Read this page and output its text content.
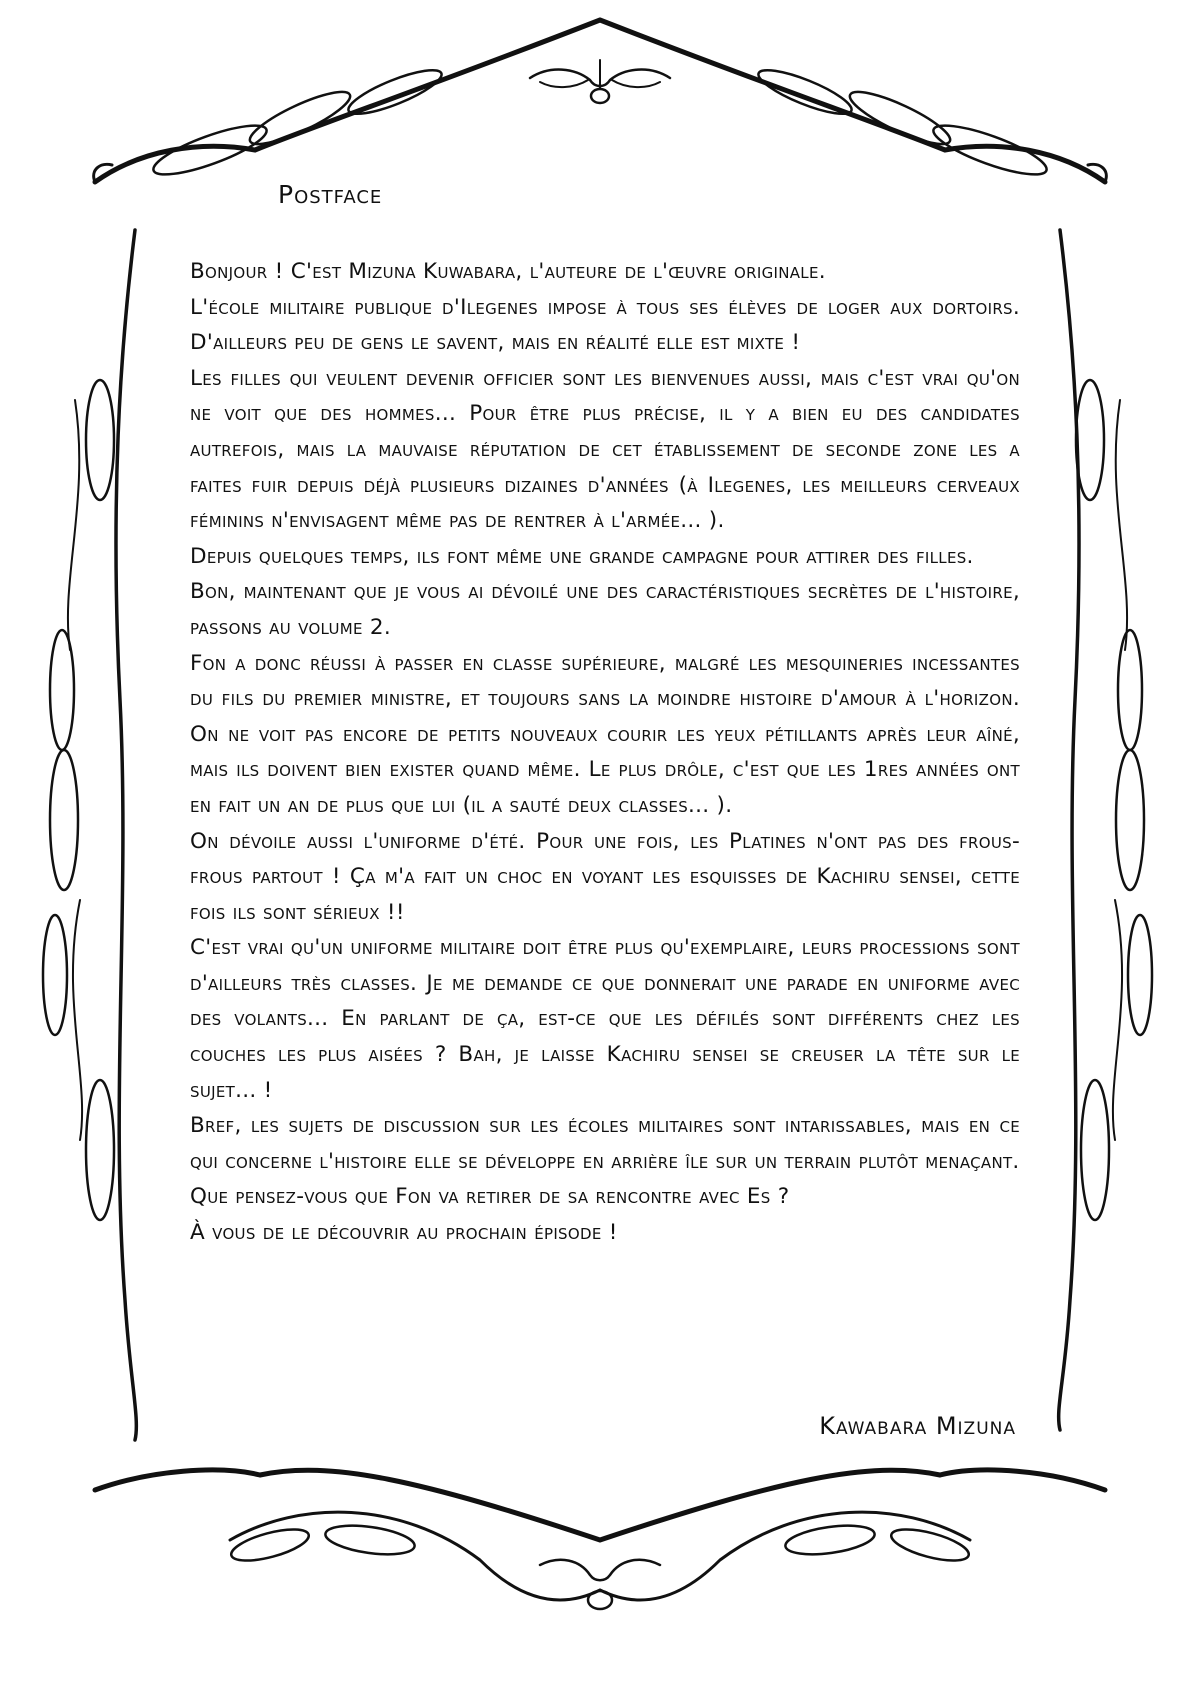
Postface

Bonjour ! C'est Mizuna Kuwabara, l'auteure de l'œuvre originale.

L'école militaire publique d'Ilegenes impose à tous ses élèves de loger aux dortoirs. D'ailleurs peu de gens le savent, mais en réalité elle est mixte !

Les filles qui veulent devenir officier sont les bienvenues aussi, mais c'est vrai qu'on ne voit que des hommes... Pour être plus précise, il y a bien eu des candidates autrefois, mais la mauvaise réputation de cet établissement de seconde zone les a faites fuir depuis déjà plusieurs dizaines d'années (à Ilegenes, les meilleurs cerveaux féminins n'envisagent même pas de rentrer à l'armée... ).

Depuis quelques temps, ils font même une grande campagne pour attirer des filles.

Bon, maintenant que je vous ai dévoilé une des caractéristiques secrètes de l'histoire, passons au volume 2.

Fon a donc réussi à passer en classe supérieure, malgré les mesquineries incessantes du fils du premier ministre, et toujours sans la moindre histoire d'amour à l'horizon. On ne voit pas encore de petits nouveaux courir les yeux pétillants après leur aîné, mais ils doivent bien exister quand même. Le plus drôle, c'est que les 1res années ont en fait un an de plus que lui (il a sauté deux classes... ).

On dévoile aussi l'uniforme d'été. Pour une fois, les Platines n'ont pas des frous-frous partout ! Ça m'a fait un choc en voyant les esquisses de Kachiru sensei, cette fois ils sont sérieux !!

C'est vrai qu'un uniforme militaire doit être plus qu'exemplaire, leurs processions sont d'ailleurs très classes. Je me demande ce que donnerait une parade en uniforme avec des volants... En parlant de ça, est-ce que les défilés sont différents chez les couches les plus aisées ? Bah, je laisse Kachiru sensei se creuser la tête sur le sujet... !

Bref, les sujets de discussion sur les écoles militaires sont intarissables, mais en ce qui concerne l'histoire elle se développe en arrière île sur un terrain plutôt menaçant.

Que pensez-vous que Fon va retirer de sa rencontre avec Es ?

À vous de le découvrir au prochain épisode !

Kawabara Mizuna
